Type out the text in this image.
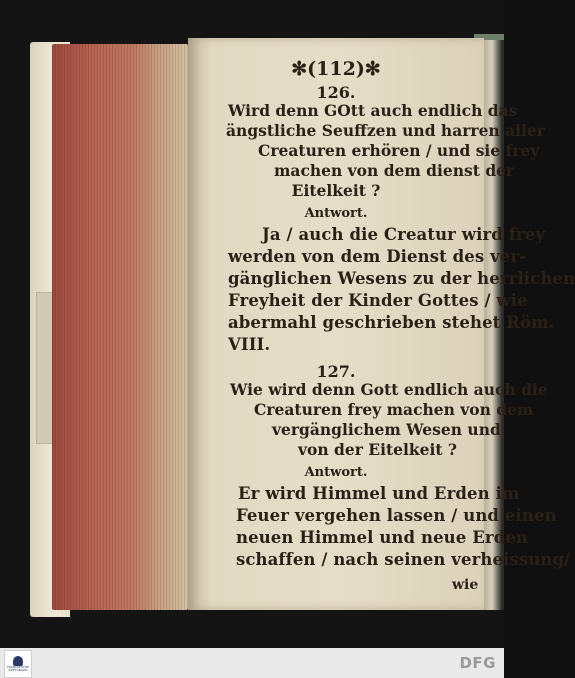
✻(112)✻
126.
Wird denn GOtt auch endlich das
ängstliche Seuffzen und harren aller
Creaturen erhören / und sie frey
machen von dem dienst der
Eitelkeit ?
Antwort.
Ja / auch die Creatur wird frey
werden von dem Dienst des ver-
gänglichen Wesens zu der herrlichen
Freyheit der Kinder Gottes / wie
abermahl geschrieben stehet Röm.
VIII.
127.
Wie wird denn Gott endlich auch die
Creaturen frey machen von dem
vergänglichem Wesen und
von der Eitelkeit ?
Antwort.
Er wird Himmel und Erden im
Feuer vergehen lassen / und einen
neuen Himmel und neue Erden
schaffen / nach seinen verheissung/
wie
FRANCKESCHE STIFTUNGEN	DFG
